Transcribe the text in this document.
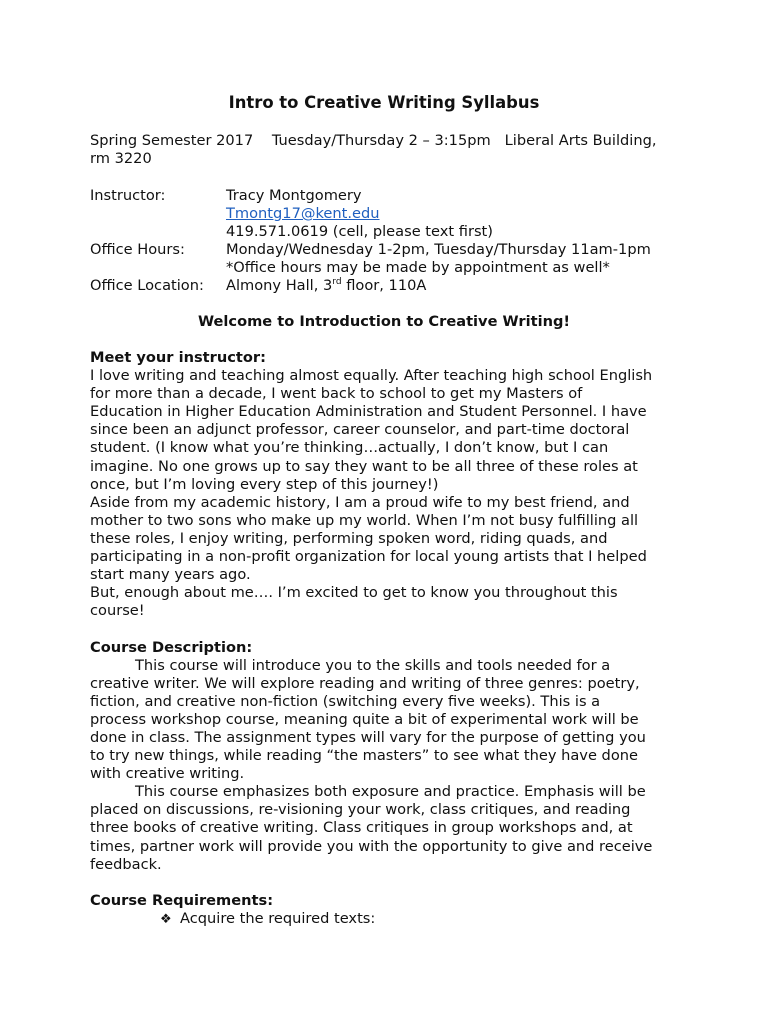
Intro to Creative Writing Syllabus
Spring Semester 2017 Tuesday/Thursday 2 – 3:15pm Liberal Arts Building,
rm 3220
Instructor:	Tracy Montgomery
Tmontg17@kent.edu
419.571.0619 (cell, please text first)
Office Hours:	Monday/Wednesday 1-2pm, Tuesday/Thursday 11am-1pm
*Office hours may be made by appointment as well*
Office Location: Almony Hall, 3rd floor, 110A
Welcome to Introduction to Creative Writing!
Meet your instructor:
I love writing and teaching almost equally. After teaching high school English
for more than a decade, I went back to school to get my Masters of
Education in Higher Education Administration and Student Personnel. I have
since been an adjunct professor, career counselor, and part-time doctoral
student. (I know what you’re thinking…actually, I don’t know, but I can
imagine. No one grows up to say they want to be all three of these roles at
once, but I’m loving every step of this journey!)
Aside from my academic history, I am a proud wife to my best friend, and
mother to two sons who make up my world. When I’m not busy fulfilling all
these roles, I enjoy writing, performing spoken word, riding quads, and
participating in a non-profit organization for local young artists that I helped
start many years ago.
But, enough about me…. I’m excited to get to know you throughout this
course!
Course Description:
This course will introduce you to the skills and tools needed for a
creative writer. We will explore reading and writing of three genres: poetry,
fiction, and creative non-fiction (switching every five weeks). This is a
process workshop course, meaning quite a bit of experimental work will be
done in class. The assignment types will vary for the purpose of getting you
to try new things, while reading “the masters” to see what they have done
with creative writing.
This course emphasizes both exposure and practice. Emphasis will be
placed on discussions, re-visioning your work, class critiques, and reading
three books of creative writing. Class critiques in group workshops and, at
times, partner work will provide you with the opportunity to give and receive
feedback.
Course Requirements:
❖ Acquire the required texts:
